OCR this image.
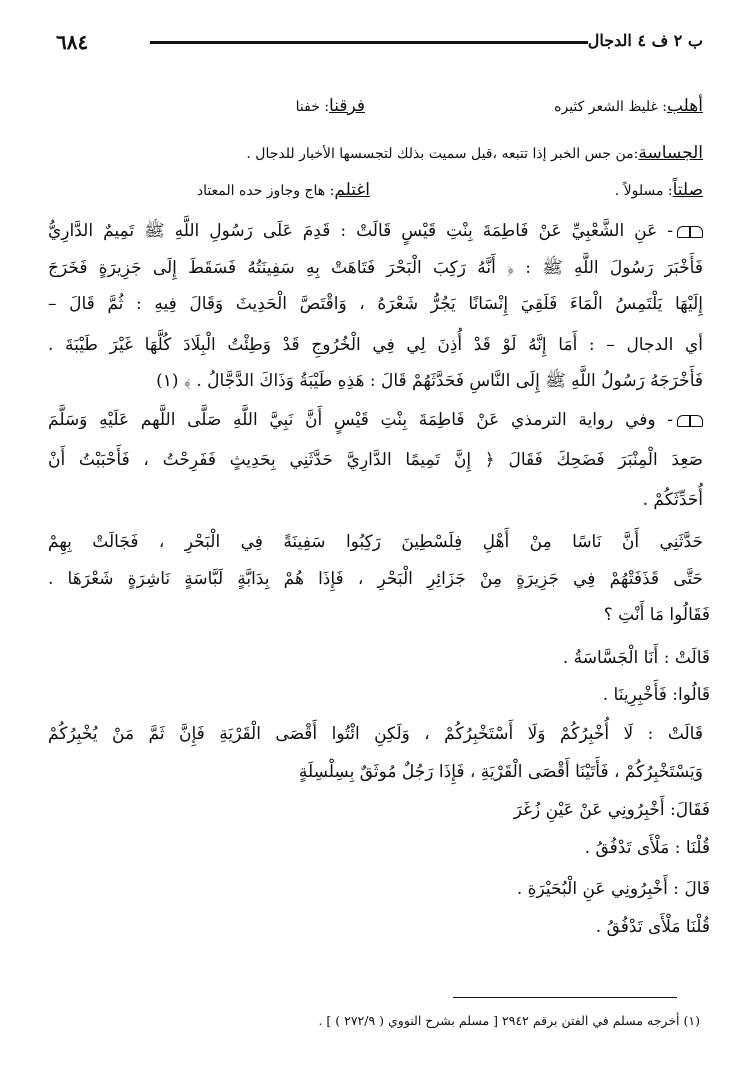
ب ٢ ف ٤ الدجال
٦٨٤
أهلب: غليظ الشعر كثيره
فرقنا: خفنا
الجساسة:من جس الخبر إذا تتبعه ،قيل سميت بذلك لتجسسها الأخبار للدجال .
صلتاً: مسلولاً .
اغتلم: هاج وجاوز حده المعتاد
- عَنِ الشَّعْبِيِّ عَنْ فَاطِمَةَ بِنْتِ قَيْسٍ قَالَتْ : قَدِمَ عَلَى رَسُولِ اللَّهِ ﷺ تَمِيمٌ الدَّارِيُّ
فَأَخْبَرَ رَسُولَ اللَّهِ ﷺ : ﴿ أَنَّهُ رَكِبَ الْبَحْرَ فَتَاهَتْ بِهِ سَفِينَتُهُ فَسَقَطَ إِلَى جَزِيرَةٍ فَخَرَجَ
إِلَيْهَا يَلْتَمِسُ الْمَاءَ فَلَقِيَ إِنْسَانًا يَجُرُّ شَعْرَهُ ، وَاقْتَصَّ الْحَدِيثَ وَقَالَ فِيهِ : ثُمَّ قَالَ –
أي الدجال – : أَمَا إِنَّهُ لَوْ قَدْ أُذِنَ لِي فِي الْخُرُوجِ قَدْ وَطِئْتُ الْبِلَادَ كُلَّهَا غَيْرَ طَيْبَةَ .
فَأَخْرَجَهُ رَسُولُ اللَّهِ ﷺ إِلَى النَّاسِ فَحَدَّثَهُمْ قَالَ : هَذِهِ طَيْبَةُ وَذَاكَ الدَّجَّالُ . ﴾ (١)
- وفي رواية الترمذي عَنْ فَاطِمَةَ بِنْتِ قَيْسٍ أَنَّ نَبِيَّ اللَّهِ صَلَّى اللَّهم عَلَيْهِ وَسَلَّمَ
صَعِدَ الْمِنْبَرَ فَضَحِكَ فَقَالَ ﴿ إِنَّ تَمِيمًا الدَّارِيَّ حَدَّثَنِي بِحَدِيثٍ فَفَرِحْتُ ، فَأَحْبَبْتُ أَنْ
أُحَدِّثَكُمْ .
حَدَّثَنِي أَنَّ نَاسًا مِنْ أَهْلِ فِلَسْطِينَ رَكِبُوا سَفِينَةً فِي الْبَحْرِ ، فَجَالَتْ بِهِمْ
حَتَّى قَذَفَتْهُمْ فِي جَزِيرَةٍ مِنْ جَزَائِرِ الْبَحْرِ ، فَإِذَا هُمْ بِدَابَّةٍ لَبَّاسَةٍ نَاشِرَةٍ شَعْرَهَا .
فَقَالُوا مَا أَنْتِ ؟
قَالَتْ : أَنَا الْجَسَّاسَةُ .
قَالُوا: فَأَخْبِرِينَا .
قَالَتْ : لَا أُخْبِرُكُمْ وَلَا أَسْتَخْبِرُكُمْ ، وَلَكِنِ ائْتُوا أَقْصَى الْقَرْيَةِ فَإِنَّ ثَمَّ مَنْ يُخْبِرُكُمْ
وَيَسْتَخْبِرُكُمْ ، فَأَتَيْنَا أَقْصَى الْقَرْيَةِ ، فَإِذَا رَجُلٌ مُوثَقٌ بِسِلْسِلَةٍ
فَقَالَ: أَخْبِرُونِي عَنْ عَيْنِ زُغَرَ
قُلْنَا : مَلْأَى تَدْفُقُ .
قَالَ : أَخْبِرُونِي عَنِ الْبُحَيْرَةِ .
قُلْنَا مَلْأَى تَدْفُقُ .
(١) أخرجه مسلم في الفتن برقم ٢٩٤٢ [ مسلم بشرح النووي ( ٢٧٢/٩ ) ] .
